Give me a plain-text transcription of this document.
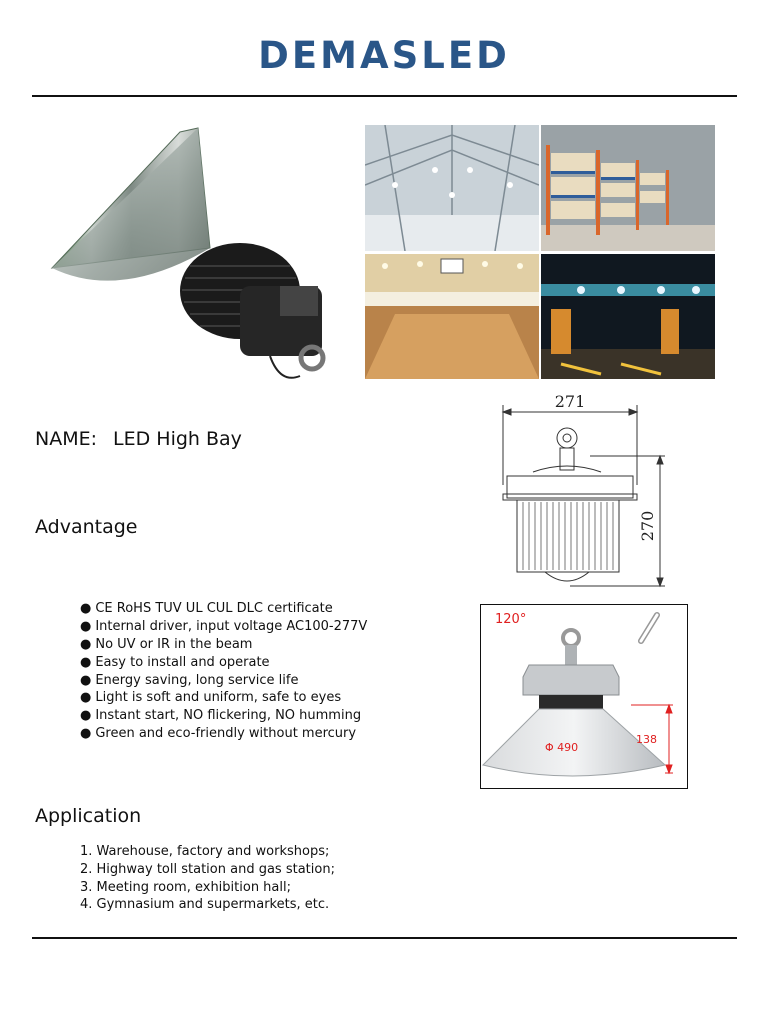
DEMASLED
NAME: LED High Bay
Advantage
● CE RoHS TUV UL CUL DLC certificate
● Internal driver, input voltage AC100-277V
● No UV or IR in the beam
● Easy to install and operate
● Energy saving, long service life
● Light is soft and uniform, safe to eyes
● Instant start, NO flickering, NO humming
● Green and eco-friendly without mercury
271
270
120°
138
Φ 490
Application
1. Warehouse, factory and workshops;
2. Highway toll station and gas station;
3. Meeting room, exhibition hall;
4. Gymnasium and supermarkets, etc.
